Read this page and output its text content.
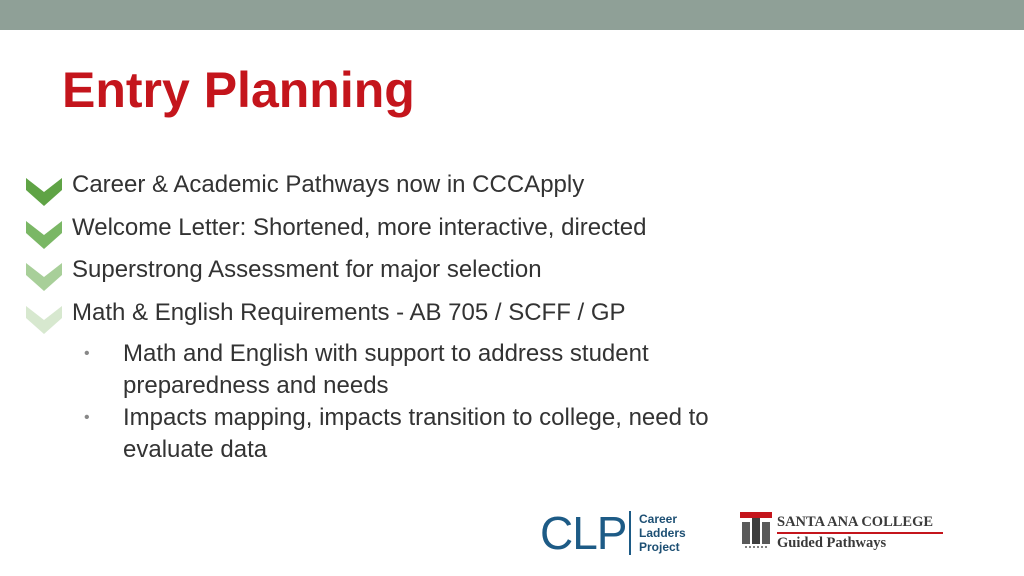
Entry Planning
Career & Academic Pathways now in CCCApply
Welcome Letter: Shortened, more interactive, directed
Superstrong Assessment for major selection
Math & English Requirements - AB 705 / SCFF / GP
• Math and English with support to address student preparedness and needs
• Impacts mapping, impacts transition to college, need to evaluate data
CLP Career
Ladders
Project
SANTA ANA COLLEGE
Guided Pathways
